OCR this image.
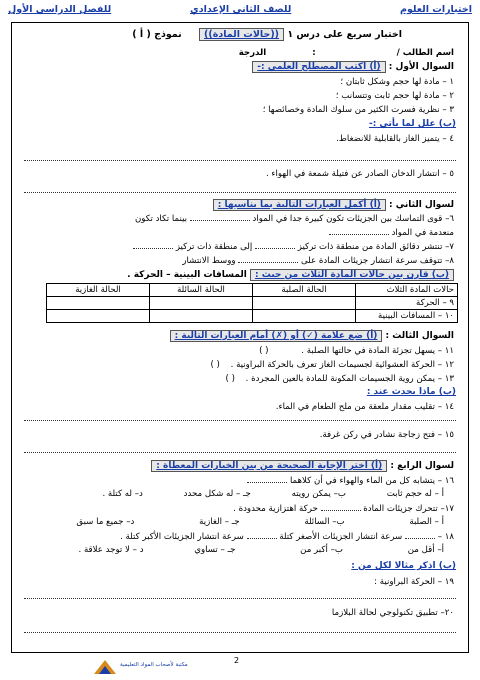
اختبارات العلوم
للصف الثاني الإعدادي
للفصل الدراسي الأول
اختبار سريع على درس ١ ((حالات المادة)) نموذج ( أ )
اسم الطالب /  :  الدرجة
السوال الأول : (أ) اكتب المصطلح العلمي :-
١ – مادة لها حجم وشكل ثابتان ؛
٢ – مادة لها حجم ثابت وتتسانب ؛
٣ – نظرية فسرت الكثير من سلوك المادة وخصائصها ؛
(ب) علل لما يأتي :-
٤ – يتميز الغاز بالقابلية للانضغاط.
٥ – انتشار الدخان الصادر عن فتيلة شمعة في الهواء .
لسوال الثاني : (أ) أكمل العبارات التالية بما يناسبها :
٦– قوى التماسك بين الجزيئات تكون كبيرة جدا في المواد  بينما تكاد تكون
منعدمة في المواد
٧– تنتشر دقائق المادة من منطقة ذات تركيز  إلى منطقة ذات تركيز
٨– تتوقف سرعة انتشار جزيئات المادة على  ووسط الانتشار
(ب) قارن بين حالات المادة الثلاث من حيث : المسافات البينية – الحركة .
حالات المادة الثلاث	الحالة الصلبة	الحالة السائلة	الحالة الغازية
٩ – الحركة			
١٠ – المسافات البينية			
السوال الثالث : (أ) ضع علامة (✓) أو (✗) أمام العبارات التالية :
١١ – يسهل تجزئة المادة في حالتها الصلبة . ( )
١٢ – الحركة العشوائية لجسيمات الغاز تعرف بالحركة البراونية . ( )
١٣ – يمكن روية الجسيمات المكونة للمادة بالعين المجردة . ( )
(ب) ماذا يحدث عند :
١٤ – تقليب مقدار ملعقة من ملح الطعام في الماء.
١٥ – فتح زجاجة نشادر في ركن غرفة.
لسوال الرابع : (أ) اختر الإجابة الصحيحة من بين الخيارات المعطاة :
١٦ – يتشابه كل من الماء والهواء في أن كلاهما
أ – له حجم ثابت ب– يمكن رويته جـ – له شكل محدد د– له كتلة .
١٧– تتحرك جزيئات المادة  حركة اهتزازية محدودة .
أ – الصلبة ب– السائلة جـ – الغازية د– جميع ما سبق
١٨ –  سرعة انتشار الجزيئات الأصغر كتلة  سرعة انتشار الجزيئات الأكبر كتلة .
أ– أقل من ب– أكبر من جـ – تساوي د – لا توجد علاقة .
(ب) اذكر مثالا لكل من :
١٩ – الحركة البراونية :
٢٠– تطبيق تكنولوجي لحالة البلازما
2
مكتبة لأصحاب المواد التعليمية
